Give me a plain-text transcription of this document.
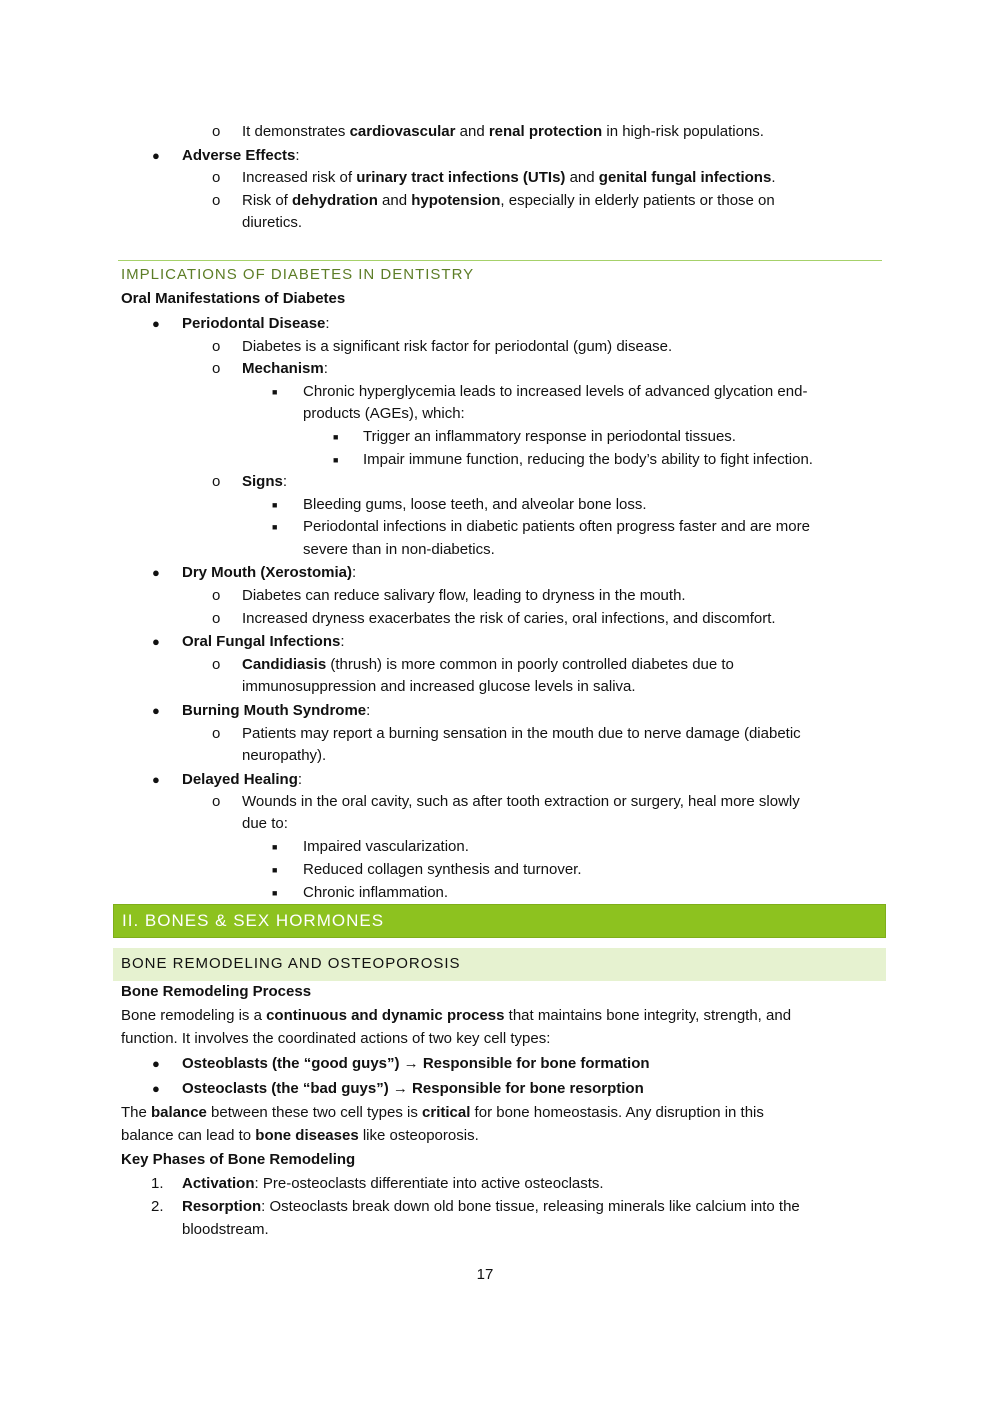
o It demonstrates cardiovascular and renal protection in high-risk populations.
● Adverse Effects:
o Increased risk of urinary tract infections (UTIs) and genital fungal infections.
o Risk of dehydration and hypotension, especially in elderly patients or those on
diuretics.
IMPLICATIONS OF DIABETES IN DENTISTRY
Oral Manifestations of Diabetes
● Periodontal Disease:
o Diabetes is a significant risk factor for periodontal (gum) disease.
o Mechanism:
■ Chronic hyperglycemia leads to increased levels of advanced glycation end-
products (AGEs), which:
■ Trigger an inflammatory response in periodontal tissues.
■ Impair immune function, reducing the body’s ability to fight infection.
o Signs:
■ Bleeding gums, loose teeth, and alveolar bone loss.
■ Periodontal infections in diabetic patients often progress faster and are more
severe than in non-diabetics.
● Dry Mouth (Xerostomia):
o Diabetes can reduce salivary flow, leading to dryness in the mouth.
o Increased dryness exacerbates the risk of caries, oral infections, and discomfort.
● Oral Fungal Infections:
o Candidiasis (thrush) is more common in poorly controlled diabetes due to
immunosuppression and increased glucose levels in saliva.
● Burning Mouth Syndrome:
o Patients may report a burning sensation in the mouth due to nerve damage (diabetic
neuropathy).
● Delayed Healing:
o Wounds in the oral cavity, such as after tooth extraction or surgery, heal more slowly
due to:
■ Impaired vascularization.
■ Reduced collagen synthesis and turnover.
■ Chronic inflammation.
II. BONES & SEX HORMONES
BONE REMODELING AND OSTEOPOROSIS
Bone Remodeling Process
Bone remodeling is a continuous and dynamic process that maintains bone integrity, strength, and
function. It involves the coordinated actions of two key cell types:
● Osteoblasts (the “good guys”) → Responsible for bone formation
● Osteoclasts (the “bad guys”) → Responsible for bone resorption
The balance between these two cell types is critical for bone homeostasis. Any disruption in this
balance can lead to bone diseases like osteoporosis.
Key Phases of Bone Remodeling
1. Activation: Pre-osteoclasts differentiate into active osteoclasts.
2. Resorption: Osteoclasts break down old bone tissue, releasing minerals like calcium into the
bloodstream.
17
